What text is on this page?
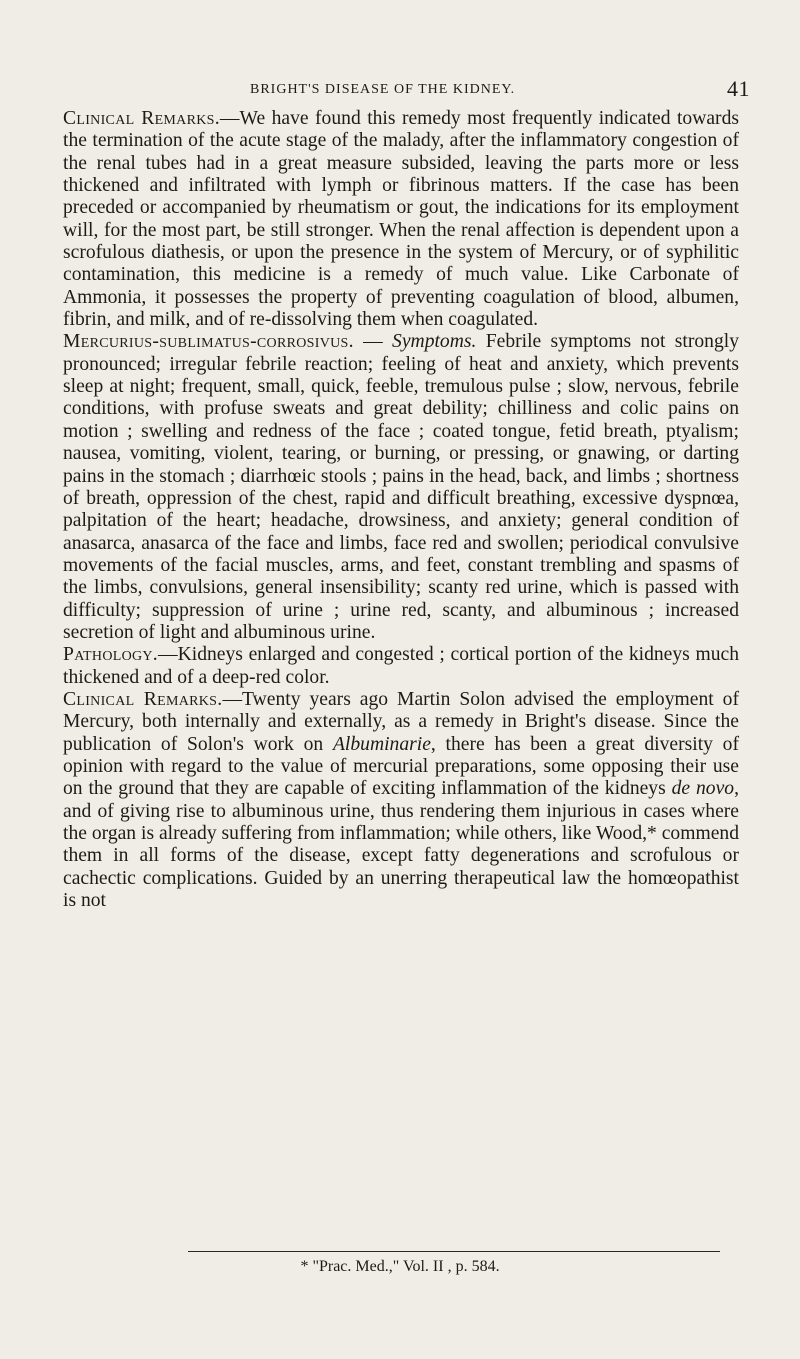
BRIGHT'S DISEASE OF THE KIDNEY.	41

Clinical Remarks.—We have found this remedy most frequently indicated towards the termination of the acute stage of the malady, after the inflammatory congestion of the renal tubes had in a great measure subsided, leaving the parts more or less thickened and infiltrated with lymph or fibrinous matters. If the case has been preceded or accompanied by rheumatism or gout, the indications for its employment will, for the most part, be still stronger. When the renal affection is dependent upon a scrofulous diathesis, or upon the presence in the system of Mercury, or of syphilitic contamination, this medicine is a remedy of much value. Like Carbonate of Ammonia, it possesses the property of preventing coagulation of blood, albumen, fibrin, and milk, and of re-dissolving them when coagulated.

Mercurius-sublimatus-corrosivus. — Symptoms. Febrile symptoms not strongly pronounced; irregular febrile reaction; feeling of heat and anxiety, which prevents sleep at night; frequent, small, quick, feeble, tremulous pulse ; slow, nervous, febrile conditions, with profuse sweats and great debility; chilliness and colic pains on motion ; swelling and redness of the face ; coated tongue, fetid breath, ptyalism; nausea, vomiting, violent, tearing, or burning, or pressing, or gnawing, or darting pains in the stomach ; diarrhœic stools ; pains in the head, back, and limbs ; shortness of breath, oppression of the chest, rapid and difficult breathing, excessive dyspnœa, palpitation of the heart; headache, drowsiness, and anxiety; general condition of anasarca, anasarca of the face and limbs, face red and swollen; periodical convulsive movements of the facial muscles, arms, and feet, constant trembling and spasms of the limbs, convulsions, general insensibility; scanty red urine, which is passed with difficulty; suppression of urine ; urine red, scanty, and albuminous ; increased secretion of light and albuminous urine.

Pathology.—Kidneys enlarged and congested ; cortical portion of the kidneys much thickened and of a deep-red color.

Clinical Remarks.—Twenty years ago Martin Solon advised the employment of Mercury, both internally and externally, as a remedy in Bright's disease. Since the publication of Solon's work on Albuminarie, there has been a great diversity of opinion with regard to the value of mercurial preparations, some opposing their use on the ground that they are capable of exciting inflammation of the kidneys de novo, and of giving rise to albuminous urine, thus rendering them injurious in cases where the organ is already suffering from inflammation; while others, like Wood,* commend them in all forms of the disease, except fatty degenerations and scrofulous or cachectic complications. Guided by an unerring therapeutical law the homœopathist is not

* "Prac. Med.," Vol. II , p. 584.
